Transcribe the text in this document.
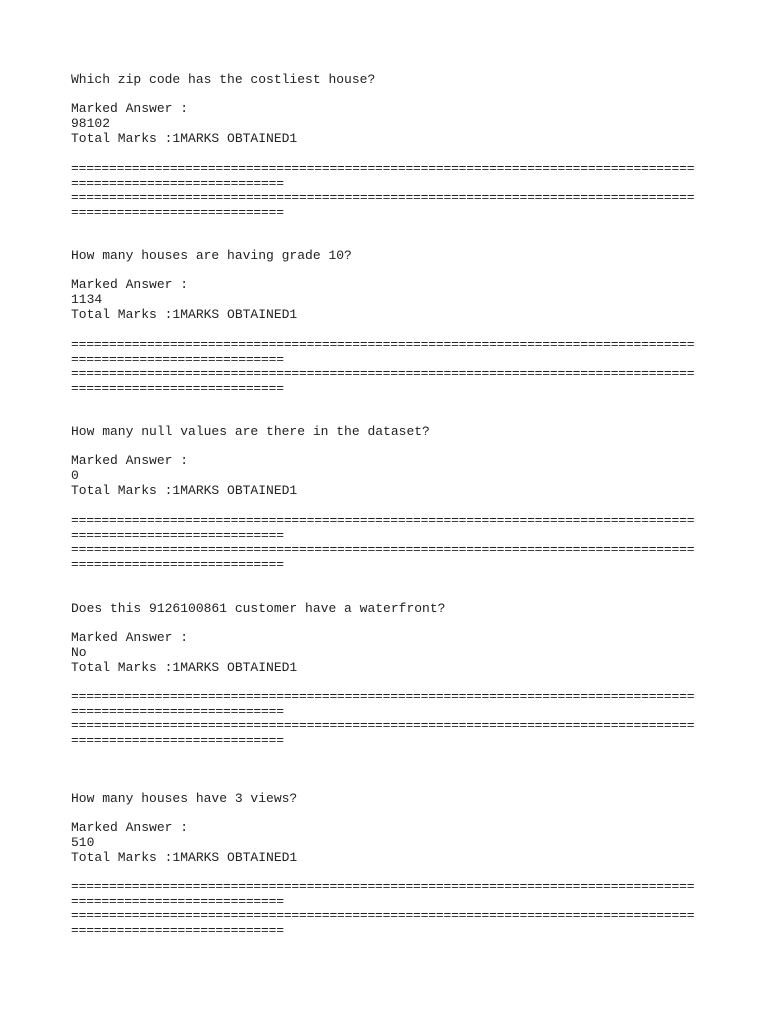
Which zip code has the costliest house?
Marked Answer :
98102
Total Marks :1MARKS OBTAINED1
==================================================================================
============================
==================================================================================
============================
How many houses are having grade 10?
Marked Answer :
1134
Total Marks :1MARKS OBTAINED1
==================================================================================
============================
==================================================================================
============================
How many null values are there in the dataset?
Marked Answer :
0
Total Marks :1MARKS OBTAINED1
==================================================================================
============================
==================================================================================
============================
Does this 9126100861 customer have a waterfront?
Marked Answer :
No
Total Marks :1MARKS OBTAINED1
==================================================================================
============================
==================================================================================
============================
How many houses have 3 views?
Marked Answer :
510
Total Marks :1MARKS OBTAINED1
==================================================================================
============================
==================================================================================
============================
